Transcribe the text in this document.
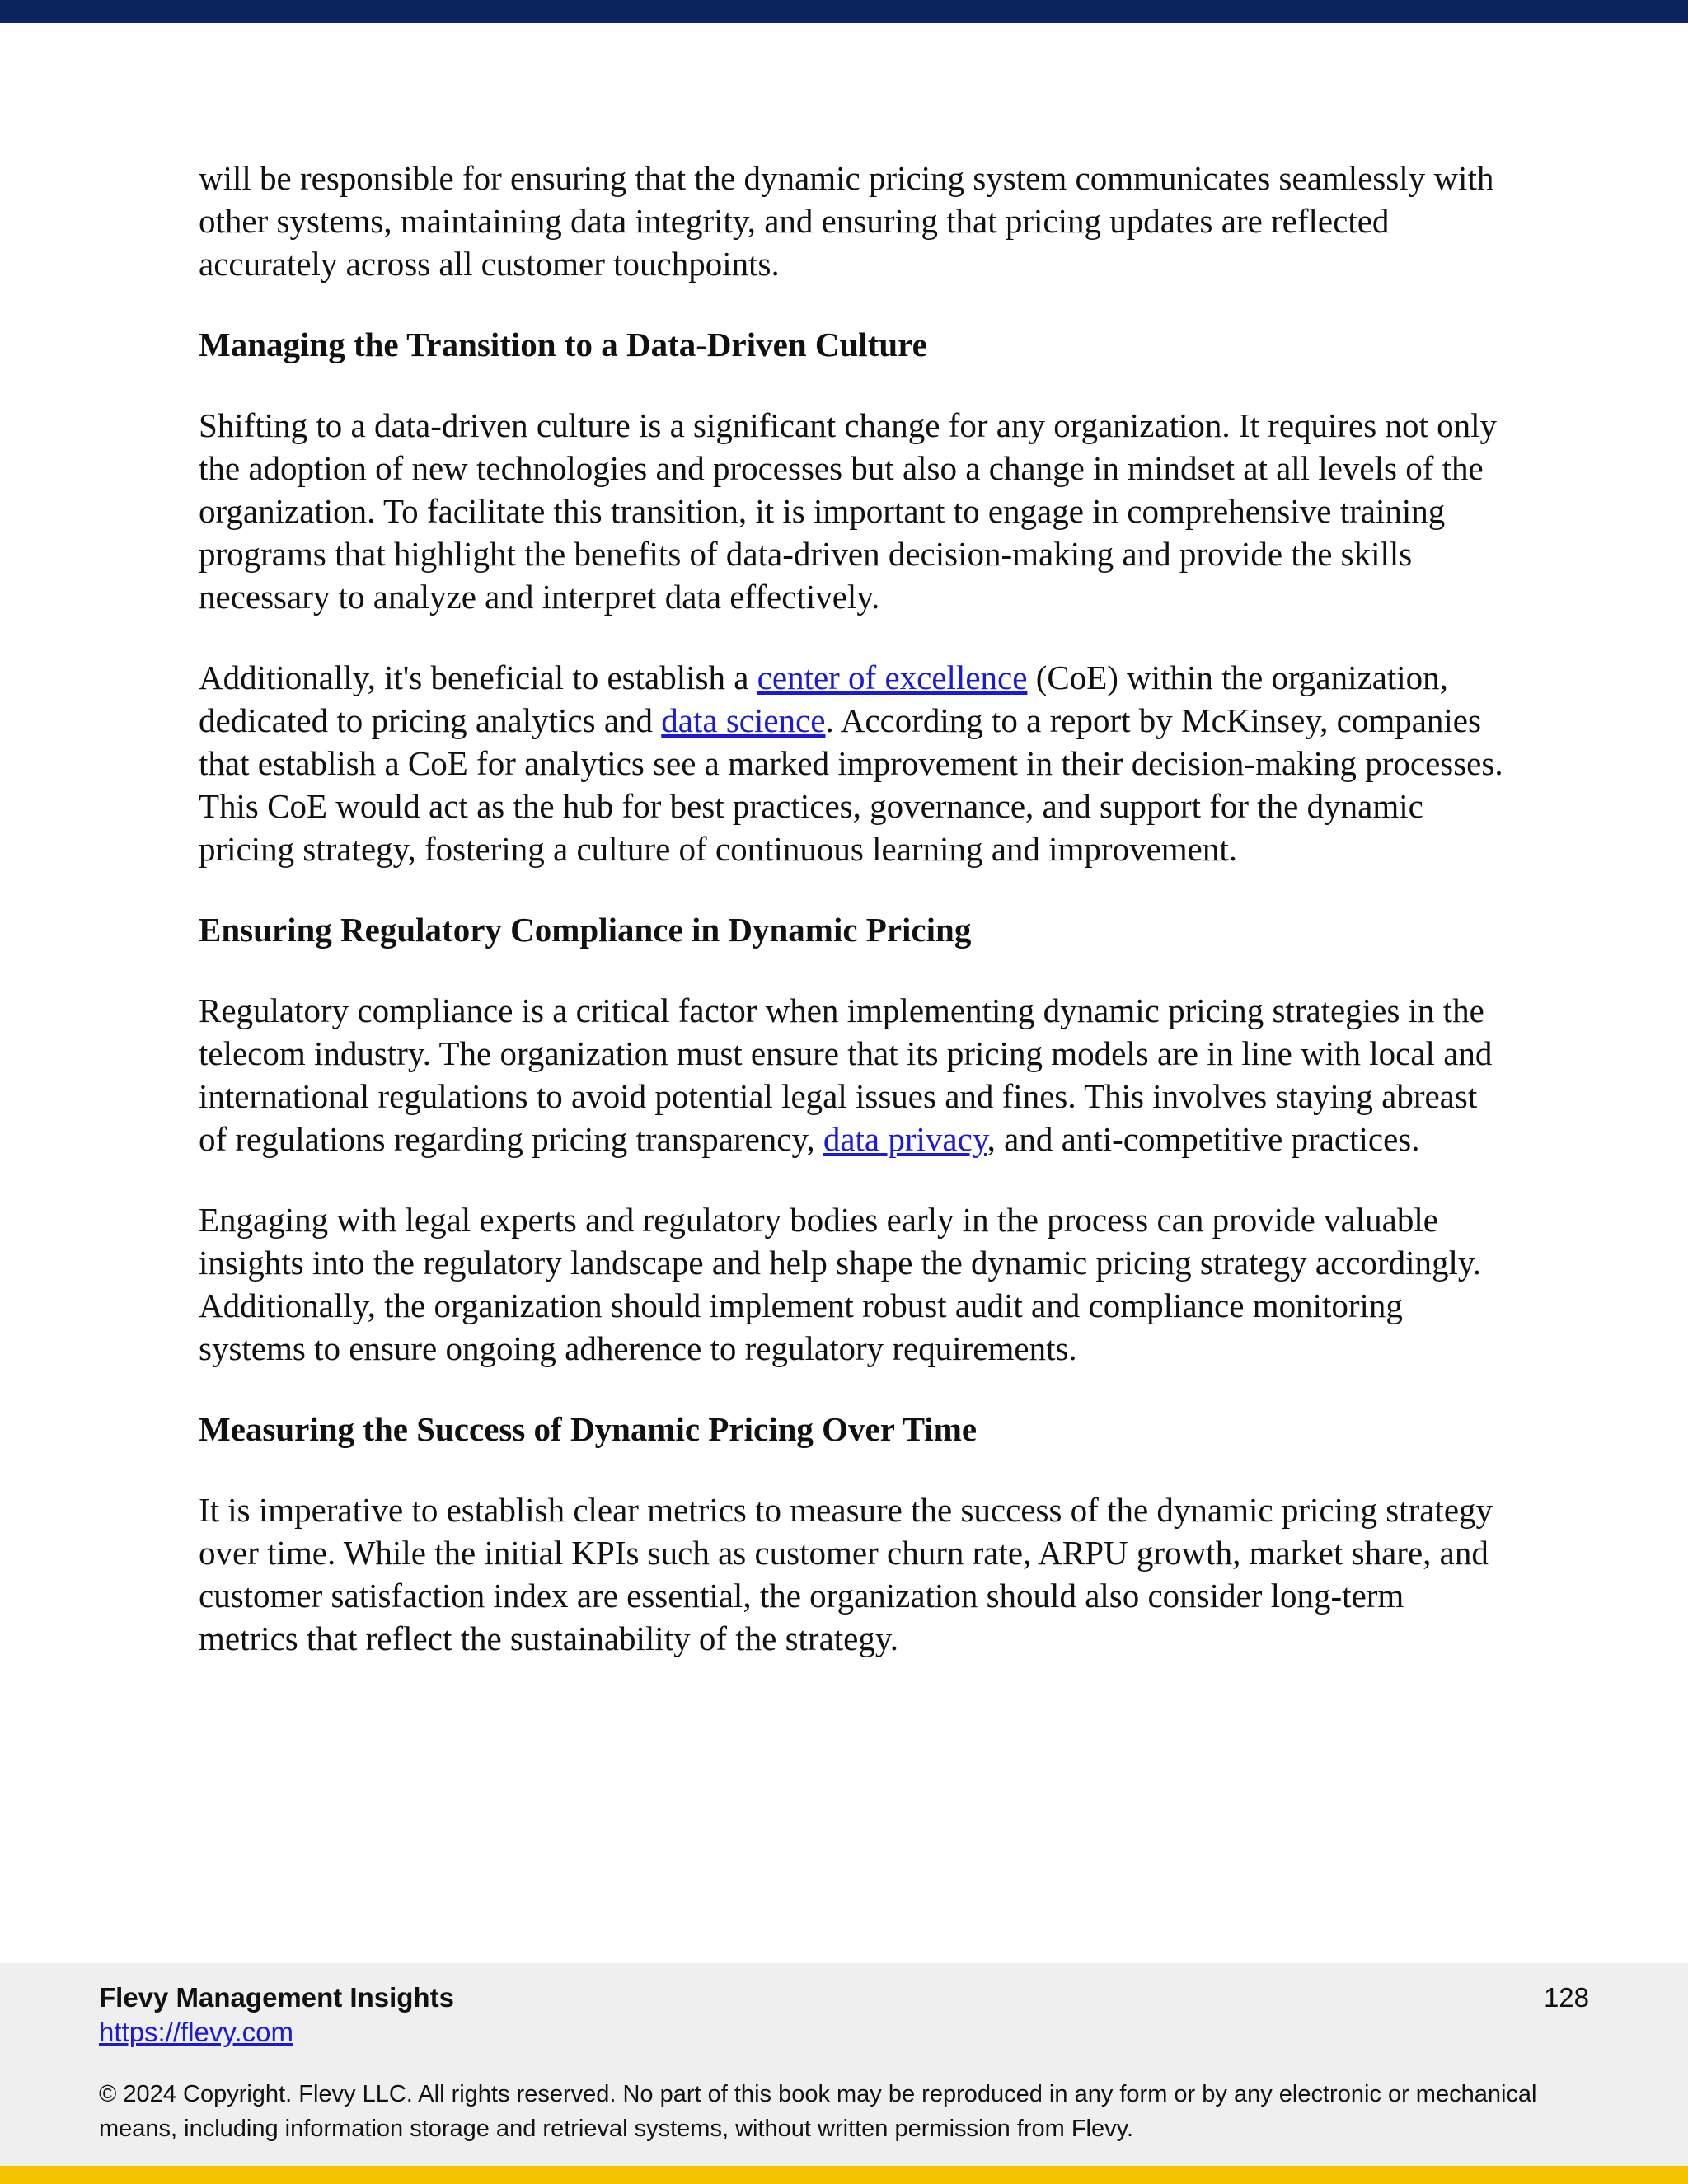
will be responsible for ensuring that the dynamic pricing system communicates seamlessly with other systems, maintaining data integrity, and ensuring that pricing updates are reflected accurately across all customer touchpoints.

Managing the Transition to a Data-Driven Culture

Shifting to a data-driven culture is a significant change for any organization. It requires not only the adoption of new technologies and processes but also a change in mindset at all levels of the organization. To facilitate this transition, it is important to engage in comprehensive training programs that highlight the benefits of data-driven decision-making and provide the skills necessary to analyze and interpret data effectively.

Additionally, it's beneficial to establish a center of excellence (CoE) within the organization, dedicated to pricing analytics and data science. According to a report by McKinsey, companies that establish a CoE for analytics see a marked improvement in their decision-making processes. This CoE would act as the hub for best practices, governance, and support for the dynamic pricing strategy, fostering a culture of continuous learning and improvement.

Ensuring Regulatory Compliance in Dynamic Pricing

Regulatory compliance is a critical factor when implementing dynamic pricing strategies in the telecom industry. The organization must ensure that its pricing models are in line with local and international regulations to avoid potential legal issues and fines. This involves staying abreast of regulations regarding pricing transparency, data privacy, and anti-competitive practices.

Engaging with legal experts and regulatory bodies early in the process can provide valuable insights into the regulatory landscape and help shape the dynamic pricing strategy accordingly. Additionally, the organization should implement robust audit and compliance monitoring systems to ensure ongoing adherence to regulatory requirements.

Measuring the Success of Dynamic Pricing Over Time

It is imperative to establish clear metrics to measure the success of the dynamic pricing strategy over time. While the initial KPIs such as customer churn rate, ARPU growth, market share, and customer satisfaction index are essential, the organization should also consider long-term metrics that reflect the sustainability of the strategy.

Flevy Management Insights
https://flevy.com
128
© 2024 Copyright. Flevy LLC. All rights reserved. No part of this book may be reproduced in any form or by any electronic or mechanical means, including information storage and retrieval systems, without written permission from Flevy.
